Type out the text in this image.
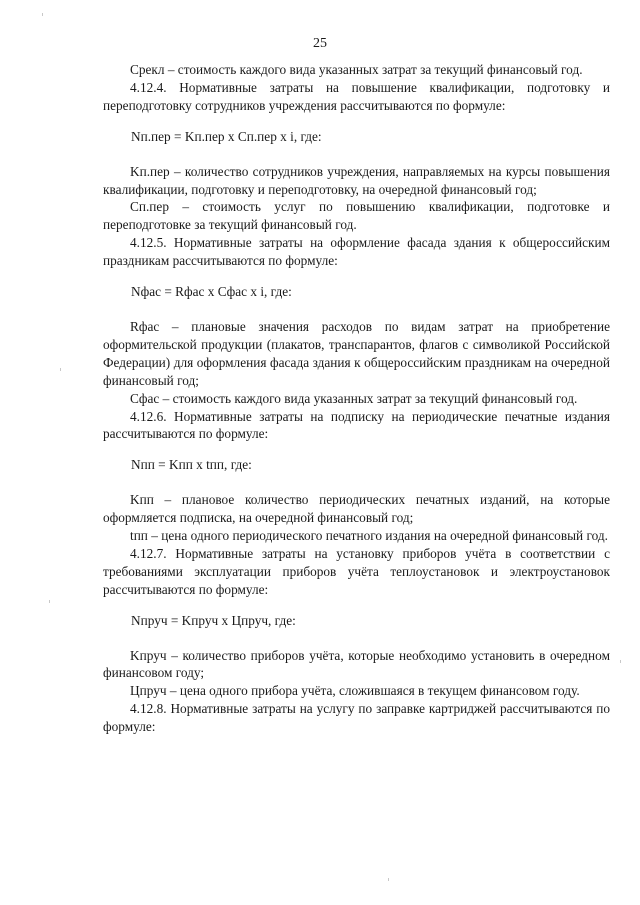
25

Срекл – стоимость каждого вида указанных затрат за текущий финансовый год.

4.12.4. Нормативные затраты на повышение квалификации, подготовку и переподготовку сотрудников учреждения рассчитываются по формуле:

Nп.пер = Kп.пер х Cп.пер х i, где:

Kп.пер – количество сотрудников учреждения, направляемых на курсы повышения квалификации, подготовку и переподготовку, на очередной финансовый год;

Cп.пер – стоимость услуг по повышению квалификации, подготовке и переподготовке за текущий финансовый год.

4.12.5. Нормативные затраты на оформление фасада здания к общероссийским праздникам рассчитываются по формуле:

Nфас = Rфас х Cфас х i, где:

Rфас – плановые значения расходов по видам затрат на приобретение оформительской продукции (плакатов, транспарантов, флагов с символикой Российской Федерации) для оформления фасада здания к общероссийским праздникам на очередной финансовый год;

Cфас – стоимость каждого вида указанных затрат за текущий финансовый год.

4.12.6. Нормативные затраты на подписку на периодические печатные издания рассчитываются по формуле:

Nпп = Kпп х tпп, где:

Kпп – плановое количество периодических печатных изданий, на которые оформляется подписка, на очередной финансовый год;

tпп – цена одного периодического печатного издания на очередной финансовый год.

4.12.7. Нормативные затраты на установку приборов учёта в соответствии с требованиями эксплуатации приборов учёта теплоустановок и электроустановок рассчитываются по формуле:

Nпруч = Kпруч х Цпруч, где:

Kпруч – количество приборов учёта, которые необходимо установить в очередном финансовом году;

Цпруч – цена одного прибора учёта, сложившаяся в текущем финансовом году.

4.12.8. Нормативные затраты на услугу по заправке картриджей рассчитываются по формуле:
